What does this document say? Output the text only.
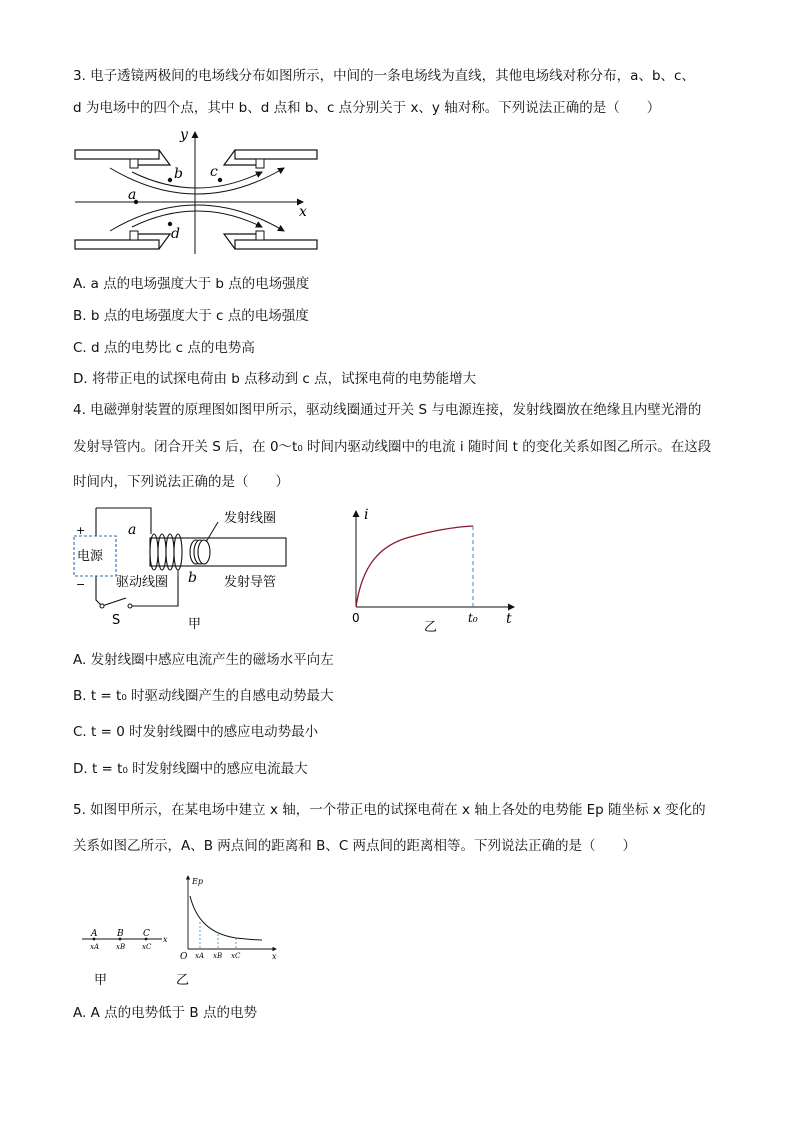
3. 电子透镜两极间的电场线分布如图所示，中间的一条电场线为直线，其他电场线对称分布，a、b、c、
d 为电场中的四个点，其中 b、d 点和 b、c 点分别关于 x、y 轴对称。下列说法正确的是（　　）
x
y
a
b c
d
A. a 点的电场强度大于 b 点的电场强度
B. b 点的电场强度大于 c 点的电场强度
C. d 点的电势比 c 点的电势高
D. 将带正电的试探电荷由 b 点移动到 c 点，试探电荷的电势能增大
4. 电磁弹射装置的原理图如图甲所示，驱动线圈通过开关 S 与电源连接，发射线圈放在绝缘且内壁光滑的
发射导管内。闭合开关 S 后，在 0～t₀ 时间内驱动线圈中的电流 i 随时间 t 的变化关系如图乙所示。在这段
时间内，下列说法正确的是（　　）
电源
+
−
S
a
b
发射线圈
驱动线圈	发射导管
甲
i
t
0	t₀
乙
A. 发射线圈中感应电流产生的磁场水平向左
B. t = t₀ 时驱动线圈产生的自感电动势最大
C. t = 0 时发射线圈中的感应电动势最小
D. t = t₀ 时发射线圈中的感应电流最大
5. 如图甲所示，在某电场中建立 x 轴，一个带正电的试探电荷在 x 轴上各处的电势能 Ep 随坐标 x 变化的
关系如图乙所示，A、B 两点间的距离和 B、C 两点间的距离相等。下列说法正确的是（　　）
A B C
xA xB xC
x
甲
Ep
O xA xB xC	x
乙
A. A 点的电势低于 B 点的电势
